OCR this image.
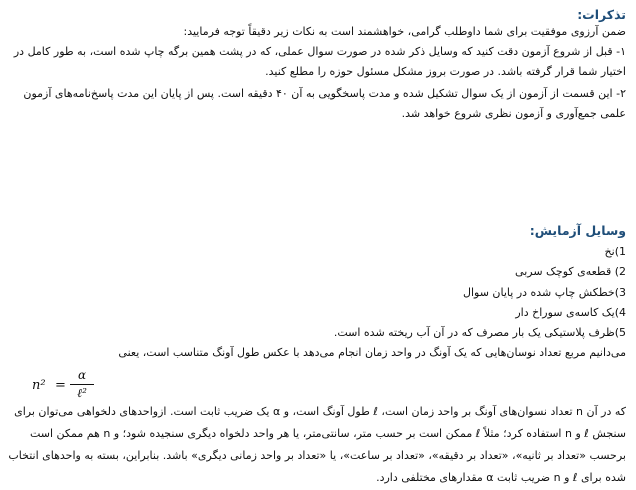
تذکرات:
ضمن آرزوی موفقیت برای شما داوطلب گرامی، خواهشمند است به نکات زیر دقیقاً توجه فرمایید:
۱- قبل از شروع آزمون دقت کنید که وسایل ذکر شده در صورت سوال عملی، که در پشت همین برگه چاپ شده است، به طور کامل در
اختیار شما قرار گرفته باشد. در صورت بروز مشکل مسئول حوزه را مطلع کنید.
۲- این قسمت از آزمون از یک سوال تشکیل شده و مدت پاسخگویی به آن ۴۰ دقیقه است. پس از پایان این مدت پاسخ‌نامه‌های آزمون
علمی جمع‌آوری و آزمون نظری شروع خواهد شد.
وسایل آزمایش:
1)نخ
2) قطعه‌ی کوچک سربی
3)خطکش چاپ شده در پایان سوال
4)یک کاسه‌ی سوراخ دار
5)ظرف پلاستیکی یک بار مصرف که در آن آب ریخته شده است.
می‌دانیم مربع تعداد نوسان‌هایی که یک آونگ در واحد زمان انجام می‌دهد با عکس طول آونگ متناسب است، یعنی
n² =
α
ℓ²
که در آن n تعداد نسوان‌های آونگ بر واحد زمان است، ℓ طول آونگ است، و α یک ضریب ثابت است. ازواحدهای دلخواهی می‌توان برای
سنجش ℓ و n استفاده کرد؛ مثلاً ℓ ممکن است بر حسب متر، سانتی‌متر، یا هر واحد دلخواه دیگری سنجیده شود؛ و n هم ممکن است
برحسب «تعداد بر ثانیه»، «تعداد بر دقیقه»، «تعداد بر ساعت»، یا «تعداد بر واحد زمانی دیگری» باشد. بنابراین، بسته به واحدهای انتخاب
شده برای ℓ و n ضریب ثابت α مقدارهای مختلفی دارد.
